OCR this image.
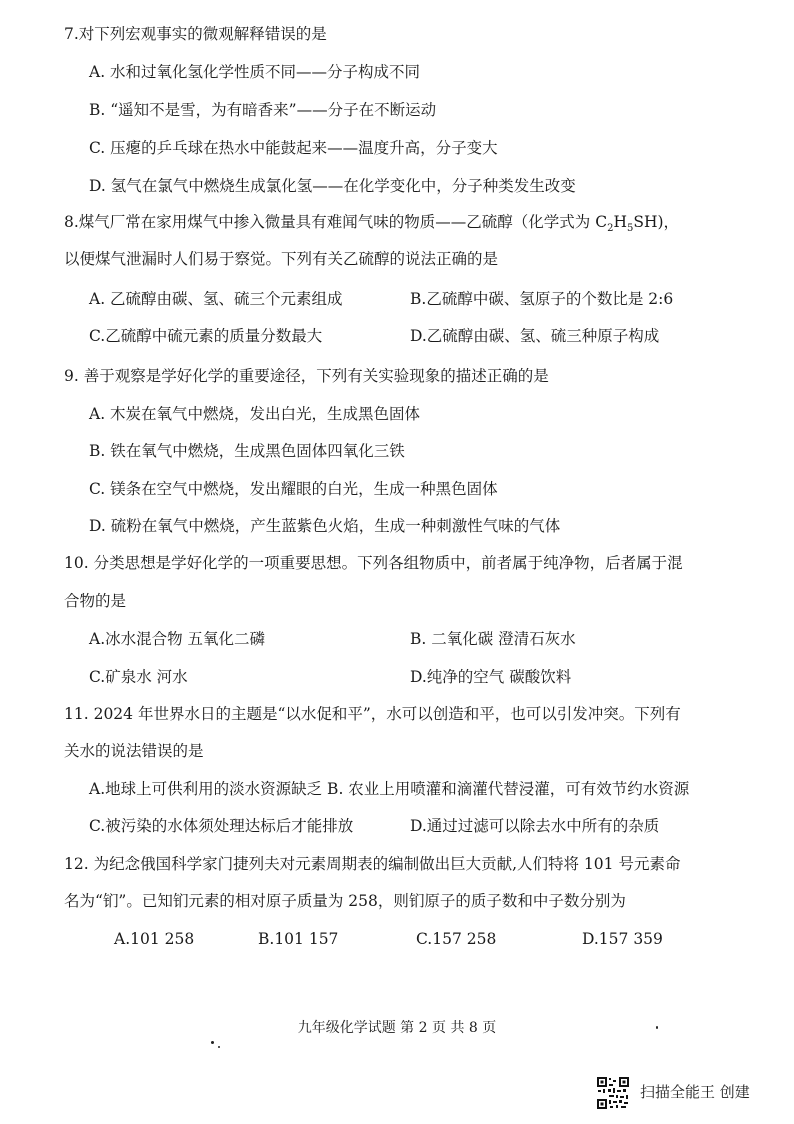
7.对下列宏观事实的微观解释错误的是
A. 水和过氧化氢化学性质不同——分子构成不同
B. “遥知不是雪，为有暗香来”——分子在不断运动
C. 压瘪的乒乓球在热水中能鼓起来——温度升高，分子变大
D. 氢气在氯气中燃烧生成氯化氢——在化学变化中，分子种类发生改变
8.煤气厂常在家用煤气中掺入微量具有难闻气味的物质——乙硫醇（化学式为 $C_2H_5SH$)，
以便煤气泄漏时人们易于察觉。下列有关乙硫醇的说法正确的是
A. 乙硫醇由碳、氢、硫三个元素组成	B.乙硫醇中碳、氢原子的个数比是 2:6
C.乙硫醇中硫元素的质量分数最大	D.乙硫醇由碳、氢、硫三种原子构成
9. 善于观察是学好化学的重要途径，下列有关实验现象的描述正确的是
A. 木炭在氧气中燃烧，发出白光，生成黑色固体
B. 铁在氧气中燃烧，生成黑色固体四氧化三铁
C. 镁条在空气中燃烧，发出耀眼的白光，生成一种黑色固体
D. 硫粉在氧气中燃烧，产生蓝紫色火焰，生成一种刺激性气味的气体
10. 分类思想是学好化学的一项重要思想。下列各组物质中，前者属于纯净物，后者属于混
合物的是
A.冰水混合物 五氧化二磷	B. 二氧化碳 澄清石灰水
C.矿泉水 河水	D.纯净的空气 碳酸饮料
11. 2024 年世界水日的主题是“以水促和平”，水可以创造和平，也可以引发冲突。下列有
关水的说法错误的是
A.地球上可供利用的淡水资源缺乏 B. 农业上用喷灌和滴灌代替浸灌，可有效节约水资源
C.被污染的水体须处理达标后才能排放	D.通过过滤可以除去水中所有的杂质
12. 为纪念俄国科学家门捷列夫对元素周期表的编制做出巨大贡献,人们特将 101 号元素命
名为“钔”。已知钔元素的相对原子质量为 258，则钔原子的质子数和中子数分别为
A.101 258	B.101 157	C.157 258	D.157 359
九年级化学试题 第 2 页 共 8 页
扫描全能王 创建
